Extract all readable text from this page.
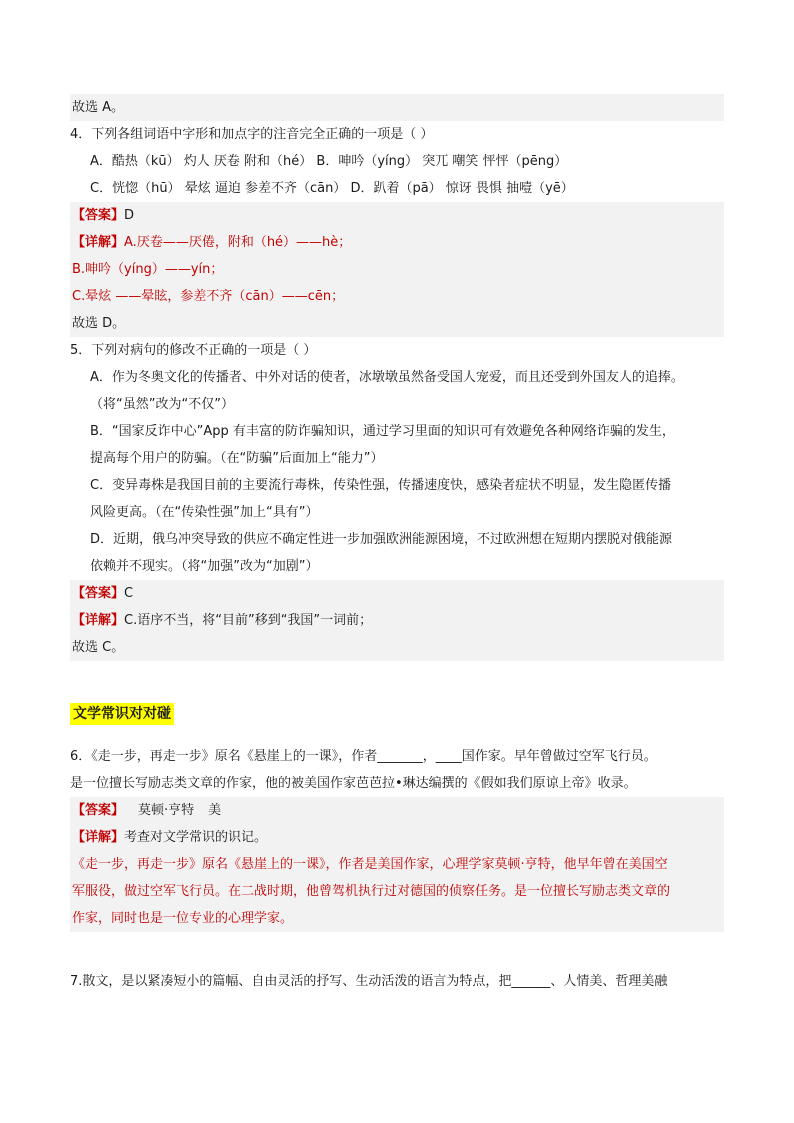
故选 A。
4．下列各组词语中字形和加点字的注音完全正确的一项是（ ）
A．酷热（kū） 灼人 厌卷 附和（hé） B．呻吟（yíng） 突兀 嘲笑 怦怦（pēng）
C．恍惚（hū） 晕炫 逼迫 参差不齐（cān） D．趴着（pā） 惊讶 畏惧 抽噎（yē）
【答案】D
【详解】A.厌卷——厌倦，附和（hé）——hè；
B.呻吟（yíng）——yín；
C.晕炫 ——晕眩，参差不齐（cān）——cēn；
故选 D。
5．下列对病句的修改不正确的一项是（ ）
A．作为冬奥文化的传播者、中外对话的使者，冰墩墩虽然备受国人宠爱，而且还受到外国友人的追捧。
（将“虽然”改为“不仅”）
B．“国家反诈中心”App 有丰富的防诈骗知识，通过学习里面的知识可有效避免各种网络诈骗的发生，
提高每个用户的防骗。（在“防骗”后面加上“能力”）
C．变异毒株是我国目前的主要流行毒株，传染性强，传播速度快，感染者症状不明显，发生隐匿传播
风险更高。（在“传染性强”加上“具有”）
D．近期，俄乌冲突导致的供应不确定性进一步加强欧洲能源困境，不过欧洲想在短期内摆脱对俄能源
依赖并不现实。（将“加强”改为“加剧”）
【答案】C
【详解】C.语序不当，将“目前”移到“我国”一词前；
故选 C。
文学常识对对碰
6．《走一步，再走一步》原名《悬崖上的一课》，作者_______，____国作家。早年曾做过空军飞行员。
是一位擅长写励志类文章的作家，他的被美国作家芭芭拉•琳达编撰的《假如我们原谅上帝》收录。
【答案】 莫顿·亨特 美
【详解】考查对文学常识的识记。
《走一步，再走一步》原名《悬崖上的一课》，作者是美国作家，心理学家莫顿·亨特，他早年曾在美国空
军服役，做过空军飞行员。在二战时期，他曾驾机执行过对德国的侦察任务。是一位擅长写励志类文章的
作家，同时也是一位专业的心理学家。
7.散文，是以紧凑短小的篇幅、自由灵活的抒写、生动活泼的语言为特点，把______、人情美、哲理美融
